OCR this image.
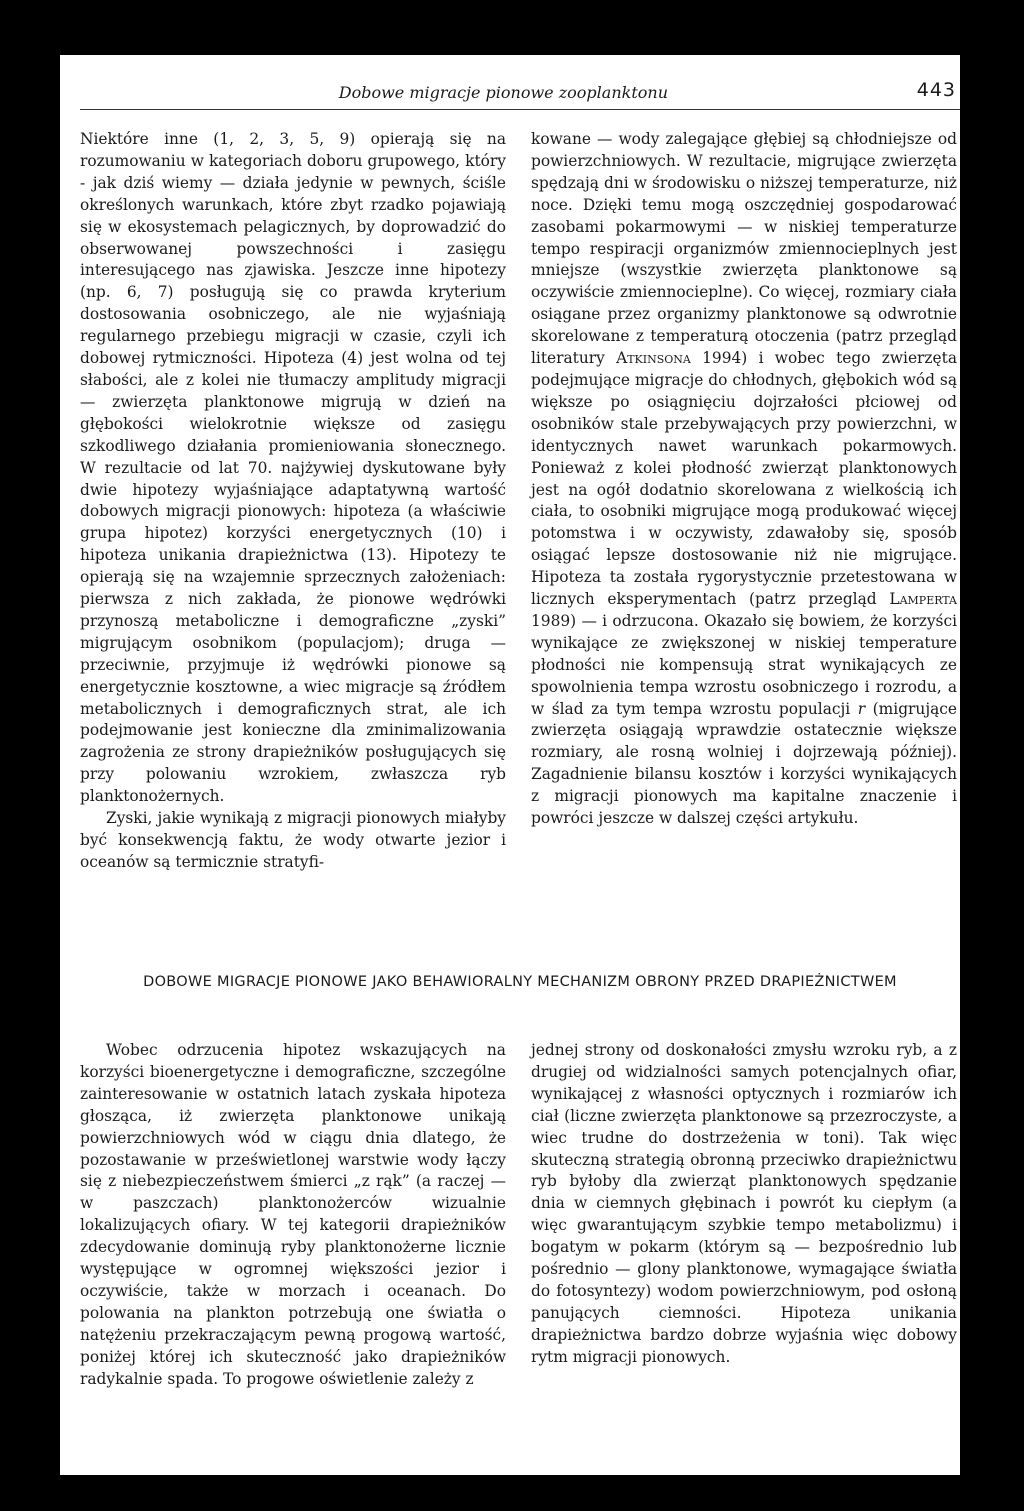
Dobowe migracje pionowe zooplanktonu	443

Niektóre inne (1, 2, 3, 5, 9) opierają się na rozumowaniu w kategoriach doboru grupowego, który - jak dziś wiemy — działa jedynie w pewnych, ściśle określonych warunkach, które zbyt rzadko pojawiają się w ekosystemach pelagicznych, by doprowadzić do obserwowanej powszechności i zasięgu interesującego nas zjawiska. Jeszcze inne hipotezy (np. 6, 7) posługują się co prawda kryterium dostosowania osobniczego, ale nie wyjaśniają regularnego przebiegu migracji w czasie, czyli ich dobowej rytmiczności. Hipoteza (4) jest wolna od tej słabości, ale z kolei nie tłumaczy amplitudy migracji — zwierzęta planktonowe migrują w dzień na głębokości wielokrotnie większe od zasięgu szkodliwego działania promieniowania słonecznego. W rezultacie od lat 70. najżywiej dyskutowane były dwie hipotezy wyjaśniające adaptatywną wartość dobowych migracji pionowych: hipoteza (a właściwie grupa hipotez) korzyści energetycznych (10) i hipoteza unikania drapieżnictwa (13). Hipotezy te opierają się na wzajemnie sprzecznych założeniach: pierwsza z nich zakłada, że pionowe wędrówki przynoszą metaboliczne i demograficzne „zyski” migrującym osobnikom (populacjom); druga — przeciwnie, przyjmuje iż wędrówki pionowe są energetycznie kosztowne, a wiec migracje są źródłem metabolicznych i demograficznych strat, ale ich podejmowanie jest konieczne dla zminimalizowania zagrożenia ze strony drapieżników posługujących się przy polowaniu wzrokiem, zwłaszcza ryb planktonożernych.

Zyski, jakie wynikają z migracji pionowych miałyby być konsekwencją faktu, że wody otwarte jezior i oceanów są termicznie stratyfi-

kowane — wody zalegające głębiej są chłodniejsze od powierzchniowych. W rezultacie, migrujące zwierzęta spędzają dni w środowisku o niższej temperaturze, niż noce. Dzięki temu mogą oszczędniej gospodarować zasobami pokarmowymi — w niskiej temperaturze tempo respiracji organizmów zmiennocieplnych jest mniejsze (wszystkie zwierzęta planktonowe są oczywiście zmiennocieplne). Co więcej, rozmiary ciała osiągane przez organizmy planktonowe są odwrotnie skorelowane z temperaturą otoczenia (patrz przegląd literatury Atkinsona 1994) i wobec tego zwierzęta podejmujące migracje do chłodnych, głębokich wód są większe po osiągnięciu dojrzałości płciowej od osobników stale przebywających przy powierzchni, w identycznych nawet warunkach pokarmowych. Ponieważ z kolei płodność zwierząt planktonowych jest na ogół dodatnio skorelowana z wielkością ich ciała, to osobniki migrujące mogą produkować więcej potomstwa i w oczywisty, zdawałoby się, sposób osiągać lepsze dostosowanie niż nie migrujące. Hipoteza ta została rygorystycznie przetestowana w licznych eksperymentach (patrz przegląd Lamperta 1989) — i odrzucona. Okazało się bowiem, że korzyści wynikające ze zwiększonej w niskiej temperature płodności nie kompensują strat wynikających ze spowolnienia tempa wzrostu osobniczego i rozrodu, a w ślad za tym tempa wzrostu populacji r (migrujące zwierzęta osiągają wprawdzie ostatecznie większe rozmiary, ale rosną wolniej i dojrzewają później). Zagadnienie bilansu kosztów i korzyści wynikających z migracji pionowych ma kapitalne znaczenie i powróci jeszcze w dalszej części artykułu.

DOBOWE MIGRACJE PIONOWE JAKO BEHAWIORALNY MECHANIZM OBRONY PRZED DRAPIEŻNICTWEM

Wobec odrzucenia hipotez wskazujących na korzyści bioenergetyczne i demograficzne, szczególne zainteresowanie w ostatnich latach zyskała hipoteza głosząca, iż zwierzęta planktonowe unikają powierzchniowych wód w ciągu dnia dlatego, że pozostawanie w prześwietlonej warstwie wody łączy się z niebezpieczeństwem śmierci „z rąk” (a raczej — w paszczach) planktonożerców wizualnie lokalizujących ofiary. W tej kategorii drapieżników zdecydowanie dominują ryby planktonożerne licznie występujące w ogromnej większości jezior i oczywiście, także w morzach i oceanach. Do polowania na plankton potrzebują one światła o natężeniu przekraczającym pewną progową wartość, poniżej której ich skuteczność jako drapieżników radykalnie spada. To progowe oświetlenie zależy z

jednej strony od doskonałości zmysłu wzroku ryb, a z drugiej od widzialności samych potencjalnych ofiar, wynikającej z własności optycznych i rozmiarów ich ciał (liczne zwierzęta planktonowe są przezroczyste, a wiec trudne do dostrzeżenia w toni). Tak więc skuteczną strategią obronną przeciwko drapieżnictwu ryb byłoby dla zwierząt planktonowych spędzanie dnia w ciemnych głębinach i powrót ku ciepłym (a więc gwarantującym szybkie tempo metabolizmu) i bogatym w pokarm (którym są — bezpośrednio lub pośrednio — glony planktonowe, wymagające światła do fotosyntezy) wodom powierzchniowym, pod osłoną panujących ciemności. Hipoteza unikania drapieżnictwa bardzo dobrze wyjaśnia więc dobowy rytm migracji pionowych.
